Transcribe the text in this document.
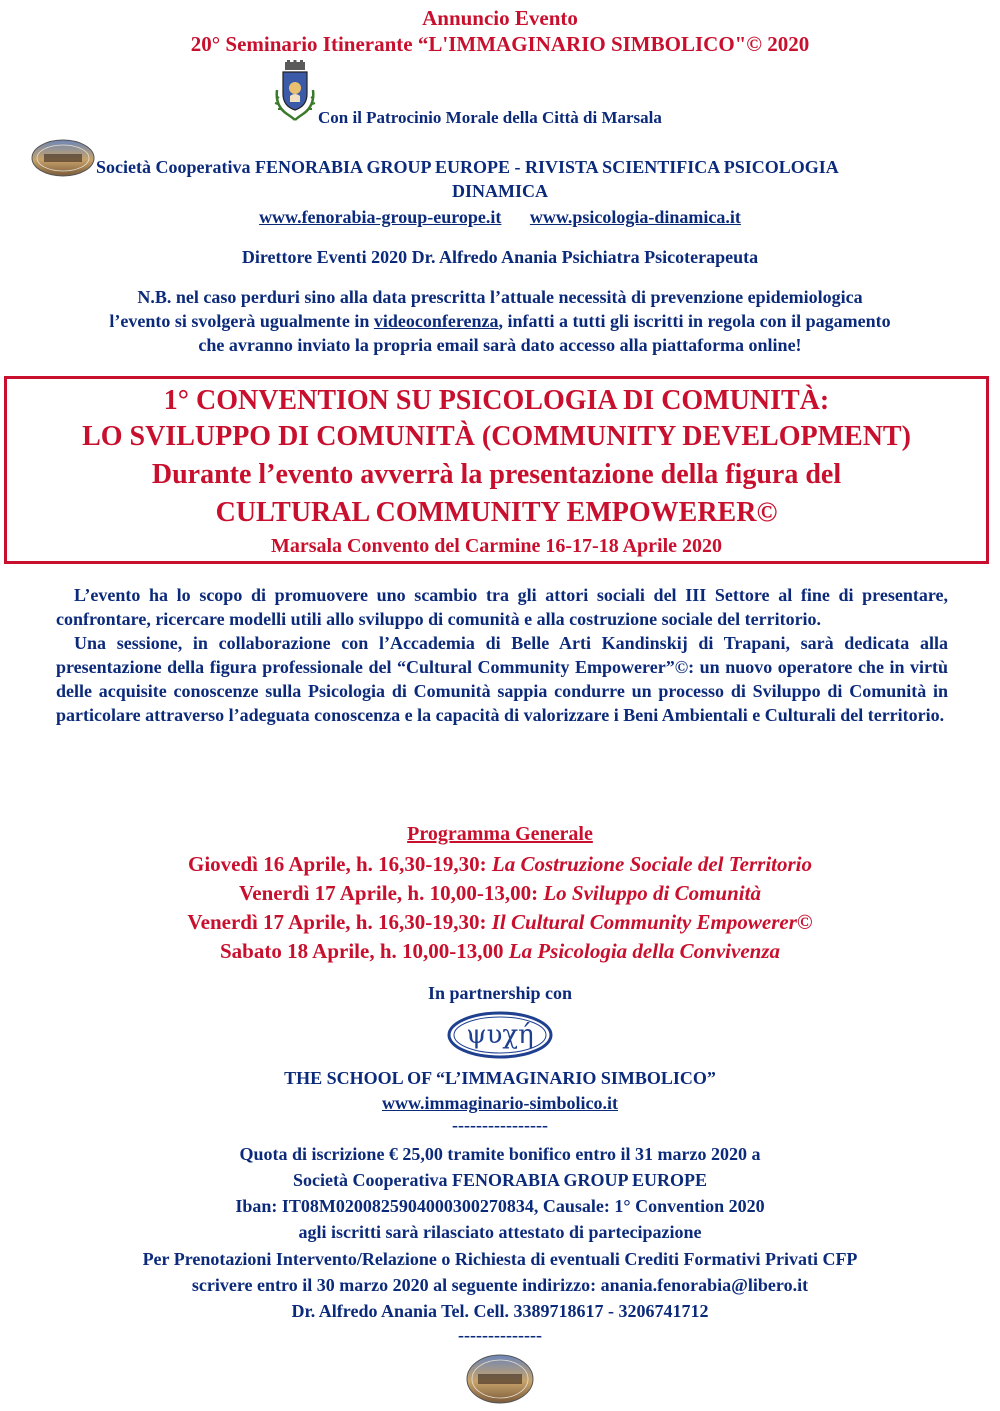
Annuncio Evento
20° Seminario Itinerante “L'IMMAGINARIO SIMBOLICO"© 2020
Con il Patrocinio Morale della Città di Marsala
Società Cooperativa FENORABIA GROUP EUROPE - RIVISTA SCIENTIFICA PSICOLOGIA
DINAMICA
www.fenorabia-group-europe.it www.psicologia-dinamica.it
Direttore Eventi 2020 Dr. Alfredo Anania Psichiatra Psicoterapeuta
N.B. nel caso perduri sino alla data prescritta l’attuale necessità di prevenzione epidemiologica
l’evento si svolgerà ugualmente in videoconferenza, infatti a tutti gli iscritti in regola con il pagamento
che avranno inviato la propria email sarà dato accesso alla piattaforma online!
1° CONVENTION SU PSICOLOGIA DI COMUNITÀ:
LO SVILUPPO DI COMUNITÀ (COMMUNITY DEVELOPMENT)
Durante l’evento avverrà la presentazione della figura del
CULTURAL COMMUNITY EMPOWERER©
Marsala Convento del Carmine 16-17-18 Aprile 2020

L’evento ha lo scopo di promuovere uno scambio tra gli attori sociali del III Settore al fine di presentare, confrontare, ricercare modelli utili allo sviluppo di comunità e alla costruzione sociale del territorio.

Una sessione, in collaborazione con l’Accademia di Belle Arti Kandinskij di Trapani, sarà dedicata alla presentazione della figura professionale del “Cultural Community Empowerer”©: un nuovo operatore che in virtù delle acquisite conoscenze sulla Psicologia di Comunità sappia condurre un processo di Sviluppo di Comunità in particolare attraverso l’adeguata conoscenza e la capacità di valorizzare i Beni Ambientali e Culturali del territorio.

Programma Generale
Giovedì 16 Aprile, h. 16,30-19,30: La Costruzione Sociale del Territorio
Venerdì 17 Aprile, h. 10,00-13,00: Lo Sviluppo di Comunità
Venerdì 17 Aprile, h. 16,30-19,30: Il Cultural Community Empowerer©
Sabato 18 Aprile, h. 10,00-13,00 La Psicologia della Convivenza
In partnership con
ψυχή
THE SCHOOL OF “L’IMMAGINARIO SIMBOLICO”
www.immaginario-simbolico.it
----------------
Quota di iscrizione € 25,00 tramite bonifico entro il 31 marzo 2020 a
Società Cooperativa FENORABIA GROUP EUROPE
Iban: IT08M0200825904000300270834, Causale: 1° Convention 2020
agli iscritti sarà rilasciato attestato di partecipazione
Per Prenotazioni Intervento/Relazione o Richiesta di eventuali Crediti Formativi Privati CFP
scrivere entro il 30 marzo 2020 al seguente indirizzo: anania.fenorabia@libero.it
Dr. Alfredo Anania Tel. Cell. 3389718617 - 3206741712
--------------
